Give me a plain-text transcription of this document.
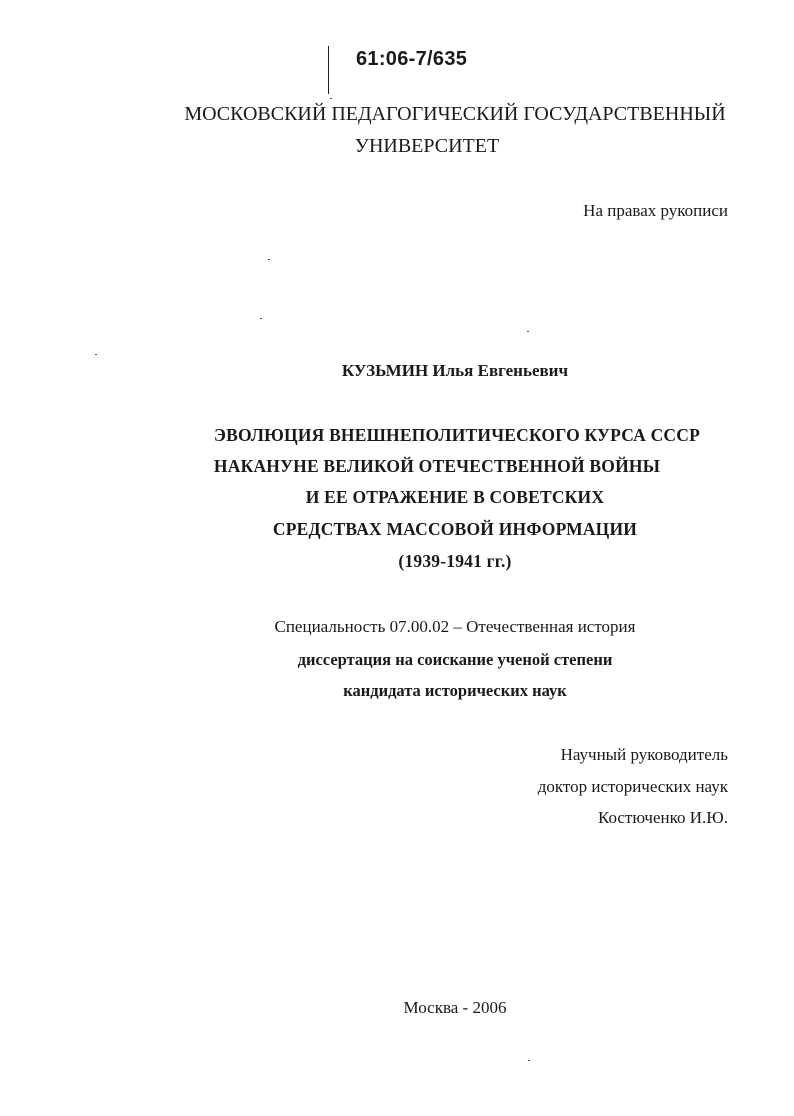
61:06-7/635
МОСКОВСКИЙ ПЕДАГОГИЧЕСКИЙ ГОСУДАРСТВЕННЫЙ
УНИВЕРСИТЕТ
На правах рукописи
КУЗЬМИН Илья Евгеньевич
ЭВОЛЮЦИЯ ВНЕШНЕПОЛИТИЧЕСКОГО КУРСА СССР
НАКАНУНЕ ВЕЛИКОЙ ОТЕЧЕСТВЕННОЙ ВОЙНЫ
И ЕЕ ОТРАЖЕНИЕ В СОВЕТСКИХ
СРЕДСТВАХ МАССОВОЙ ИНФОРМАЦИИ
(1939-1941 гг.)
Специальность 07.00.02 – Отечественная история
диссертация на соискание ученой степени
кандидата исторических наук
Научный руководитель
доктор исторических наук
Костюченко И.Ю.
Москва - 2006
